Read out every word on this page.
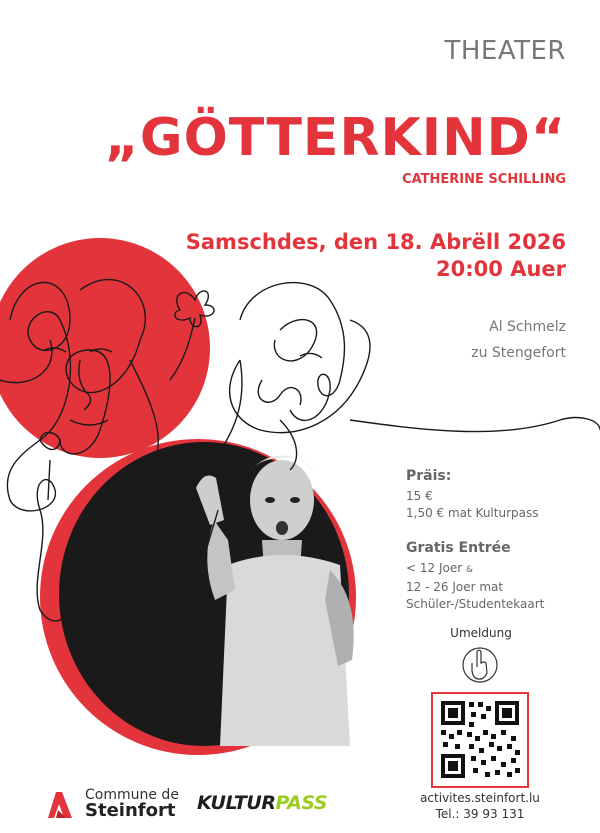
THEATER
„GÖTTERKIND“
CATHERINE SCHILLING
Samschdes, den 18. Abrëll 2026
20:00 Auer
Al Schmelz
zu Stengefort
Präis:
15 €
1,50 € mat Kulturpass
Gratis Entrée
< 12 Joer &
12 - 26 Joer mat
Schüler-/Studentekaart
Umeldung
activites.steinfort.lu
Tel.: 39 93 131
Commune de
Steinfort KULTURPASS
